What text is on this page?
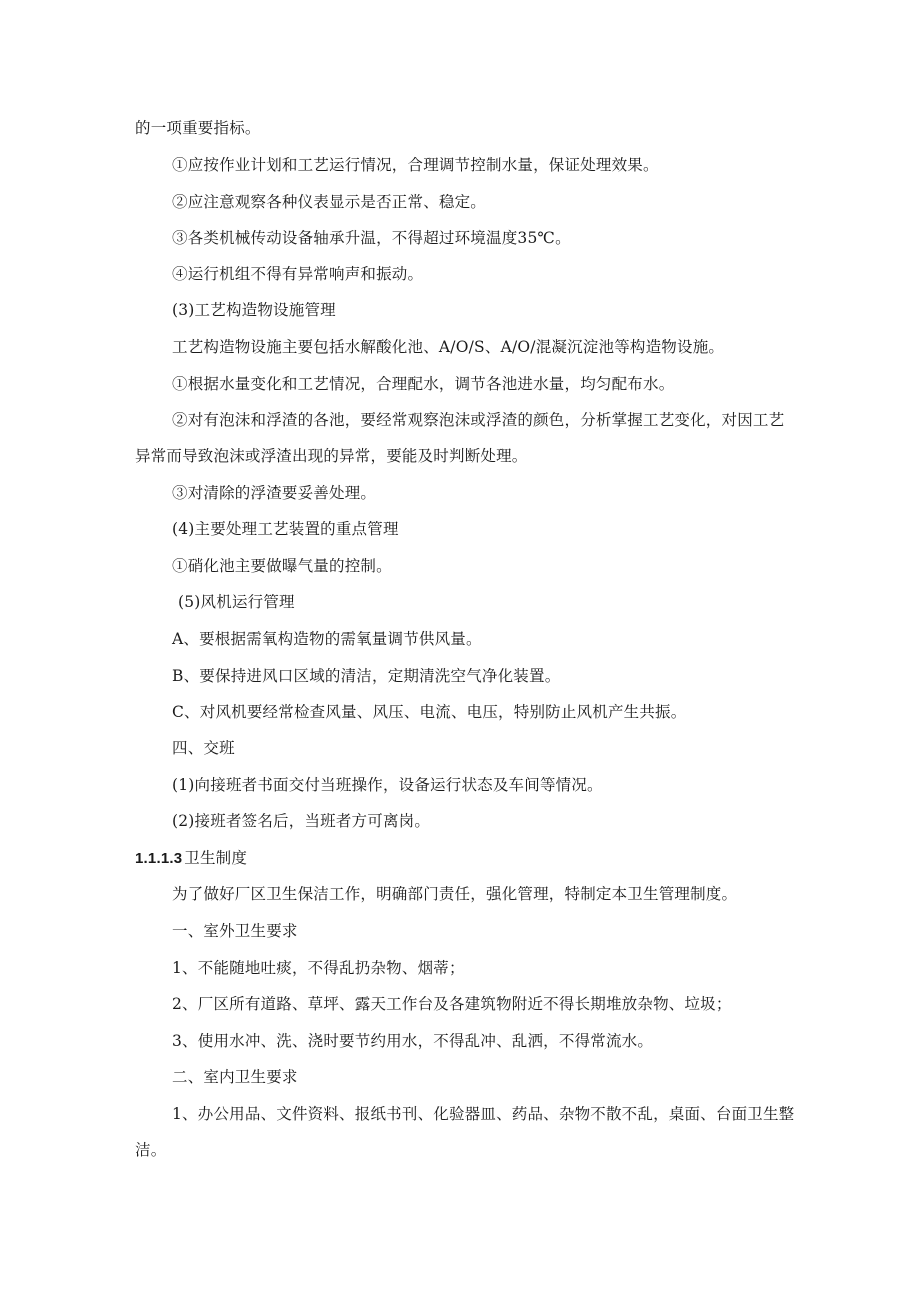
的一项重要指标。
①应按作业计划和工艺运行情况，合理调节控制水量，保证处理效果。
②应注意观察各种仪表显示是否正常、稳定。
③各类机械传动设备轴承升温，不得超过环境温度35℃。
④运行机组不得有异常响声和振动。
(3)工艺构造物设施管理
工艺构造物设施主要包括水解酸化池、A/O/S、A/O/混凝沉淀池等构造物设施。
①根据水量变化和工艺情况，合理配水，调节各池进水量，均匀配布水。
②对有泡沫和浮渣的各池，要经常观察泡沫或浮渣的颜色，分析掌握工艺变化，对因工艺
异常而导致泡沫或浮渣出现的异常，要能及时判断处理。
③对清除的浮渣要妥善处理。
(4)主要处理工艺装置的重点管理
①硝化池主要做曝气量的控制。
(5)风机运行管理
A、要根据需氧构造物的需氧量调节供风量。
B、要保持进风口区域的清洁，定期清洗空气净化装置。
C、对风机要经常检查风量、风压、电流、电压，特别防止风机产生共振。
四、交班
(1)向接班者书面交付当班操作，设备运行状态及车间等情况。
(2)接班者签名后，当班者方可离岗。
1.1.1.3 卫生制度
为了做好厂区卫生保洁工作，明确部门责任，强化管理，特制定本卫生管理制度。
一、室外卫生要求
1、不能随地吐痰，不得乱扔杂物、烟蒂；
2、厂区所有道路、草坪、露天工作台及各建筑物附近不得长期堆放杂物、垃圾；
3、使用水冲、洗、浇时要节约用水，不得乱冲、乱洒，不得常流水。
二、室内卫生要求
1、办公用品、文件资料、报纸书刊、化验器皿、药品、杂物不散不乱，桌面、台面卫生整
洁。
